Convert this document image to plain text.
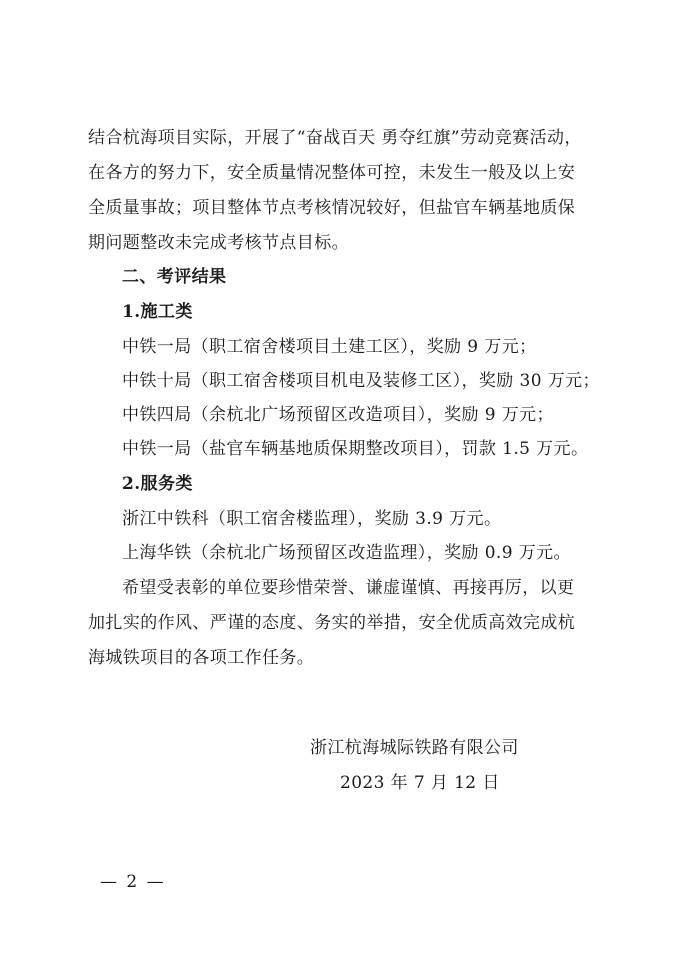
结合杭海项目实际，开展了“奋战百天 勇夺红旗”劳动竞赛活动，
在各方的努力下，安全质量情况整体可控，未发生一般及以上安
全质量事故；项目整体节点考核情况较好，但盐官车辆基地质保
期问题整改未完成考核节点目标。
二、考评结果
1.施工类
中铁一局（职工宿舍楼项目土建工区），奖励 9 万元；
中铁十局（职工宿舍楼项目机电及装修工区），奖励 30 万元；
中铁四局（余杭北广场预留区改造项目），奖励 9 万元；
中铁一局（盐官车辆基地质保期整改项目），罚款 1.5 万元。
2.服务类
浙江中铁科（职工宿舍楼监理），奖励 3.9 万元。
上海华铁（余杭北广场预留区改造监理），奖励 0.9 万元。
希望受表彰的单位要珍惜荣誉、谦虚谨慎、再接再厉，以更
加扎实的作风、严谨的态度、务实的举措，安全优质高效完成杭
海城铁项目的各项工作任务。
浙江杭海城际铁路有限公司
2023 年 7 月 12 日
— 2 —
